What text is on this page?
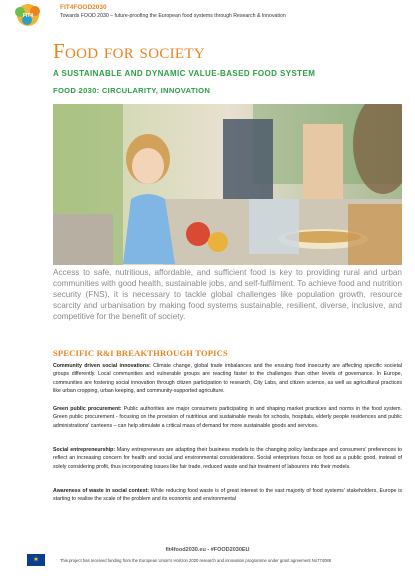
FIT4
FIT4FOOD2030
Towards FOOD 2030 – future-proofing the European food systems through Research & Innovation
Food for society
A SUSTAINABLE AND DYNAMIC VALUE-BASED FOOD SYSTEM
FOOD 2030: CIRCULARITY, INNOVATION
Access to safe, nutritious, affordable, and sufficient food is key to providing rural and urban communities with good health, sustainable jobs, and self-fulfilment. To achieve food and nutrition security (FNS), it is necessary to tackle global challenges like population growth, resource scarcity and urbanisation by making food systems sustainable, resilient, diverse, inclusive, and competitive for the benefit of society.
SPECIFIC R&I BREAKTHROUGH TOPICS
Community driven social innovations: Climate change, global trade imbalances and the ensuing food insecurity are affecting specific societal groups differently. Local communities and vulnerable groups are reacting faster to the challenges than other levels of governance. In Europe, communities are fostering social innovation through citizen participation to research, City Labs, and citizen science, as well as agricultural practices like urban cropping, urban keeping, and community-supported agriculture.
Green public procurement: Public authorities are major consumers participating in and shaping market practices and norms in the food system. Green public procurement - focusing on the provision of nutritious and sustainable meals for schools, hospitals, elderly people residences and public administrations' canteens – can help stimulate a critical mass of demand for more sustainable goods and services.
Social entrepreneurship: Many entrepreneurs are adapting their business models to the changing policy landscape and consumers' preferences to reflect an increasing concern for health and social and environmental considerations. Social enterprises focus on food as a public good, instead of solely considering profit, thus incorporating issues like fair trade, reduced waste and fair treatment of labourers into their models.
Awareness of waste in social context: While reducing food waste is of great interest to the vast majority of food systems' stakeholders, Europe is starting to realise the scale of the problem and its economic and environmental
fit4food2030.eu - #FOOD2030EU
✶	This project has received funding from the European Union's Horizon 2020 research and innovation programme under grant agreement No774088
